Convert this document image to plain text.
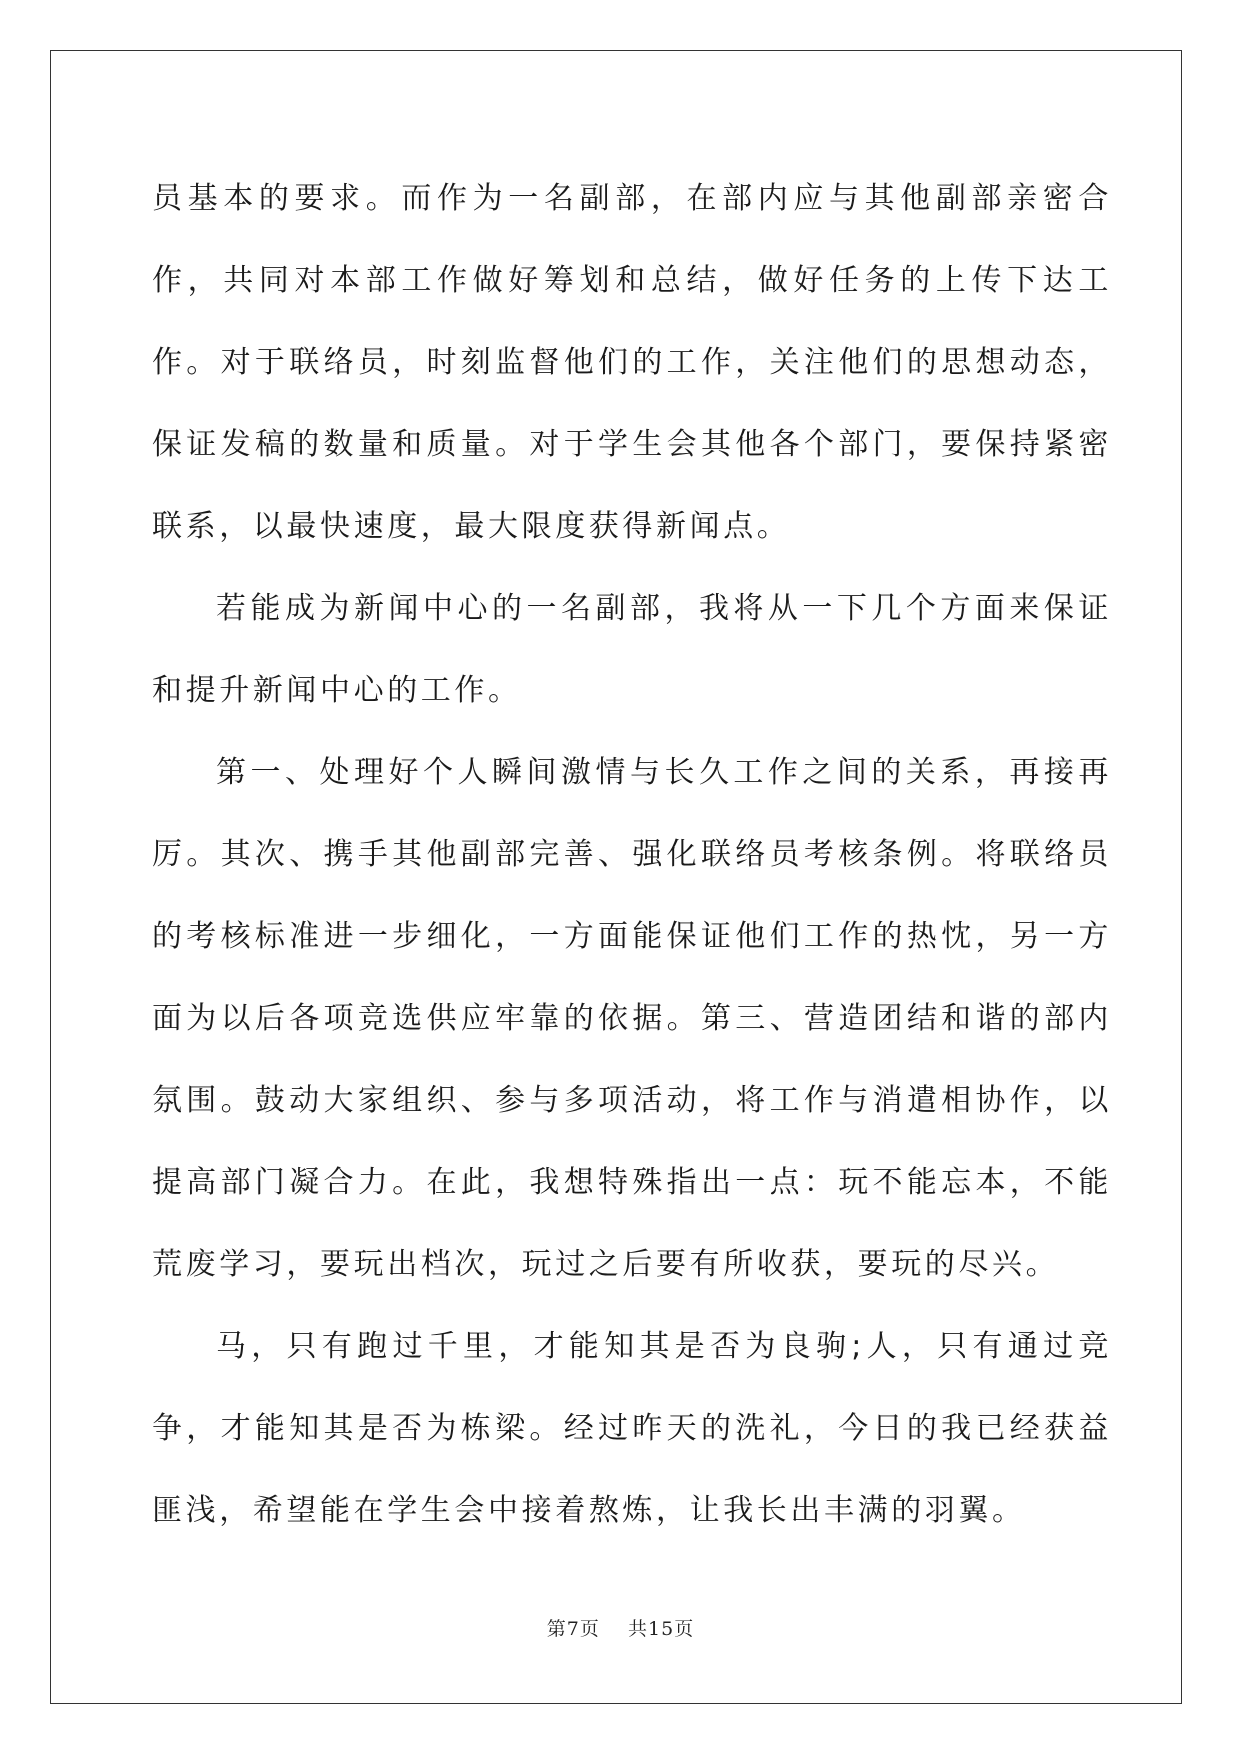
员基本的要求。而作为一名副部，在部内应与其他副部亲密合作，共同对本部工作做好筹划和总结，做好任务的上传下达工作。对于联络员，时刻监督他们的工作，关注他们的思想动态，保证发稿的数量和质量。对于学生会其他各个部门，要保持紧密联系，以最快速度，最大限度获得新闻点。

若能成为新闻中心的一名副部，我将从一下几个方面来保证和提升新闻中心的工作。

第一、处理好个人瞬间激情与长久工作之间的关系，再接再厉。其次、携手其他副部完善、强化联络员考核条例。将联络员的考核标准进一步细化，一方面能保证他们工作的热忱，另一方面为以后各项竞选供应牢靠的依据。第三、营造团结和谐的部内氛围。鼓动大家组织、参与多项活动，将工作与消遣相协作，以提高部门凝合力。在此，我想特殊指出一点：玩不能忘本，不能荒废学习，要玩出档次，玩过之后要有所收获，要玩的尽兴。

马，只有跑过千里，才能知其是否为良驹;人，只有通过竞争，才能知其是否为栋梁。经过昨天的洗礼，今日的我已经获益匪浅，希望能在学生会中接着熬炼，让我长出丰满的羽翼。

第7页 共15页
